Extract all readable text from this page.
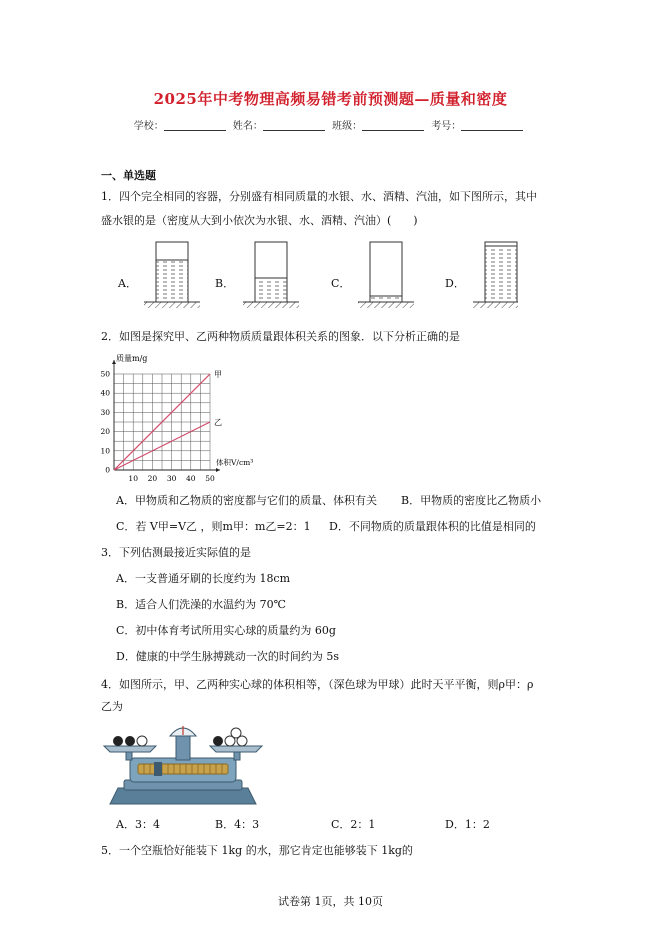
2025年中考物理高频易错考前预测题—质量和密度
学校：	姓名：	班级：	考号：
一、单选题
1．四个完全相同的容器，分别盛有相同质量的水银、水、酒精、汽油，如下图所示，其中
盛水银的是（密度从大到小依次为水银、水、酒精、汽油）(　　)
A．	B．	C．	D．
2．如图是探究甲、乙两种物质质量跟体积关系的图象．以下分析正确的是
10 20 30 40 50
0
10
20
30
40
50	甲
乙
质量m/g
体积V/cm³
A．甲物质和乙物质的密度都与它们的质量、体积有关 B．甲物质的密度比乙物质小
C．若 V甲=V乙 ，则m甲：m乙=2：1 D．不同物质的质量跟体积的比值是相同的
3．下列估测最接近实际值的是
A．一支普通牙刷的长度约为 18cm
B．适合人们洗澡的水温约为 70℃
C．初中体育考试所用实心球的质量约为 60g
D．健康的中学生脉搏跳动一次的时间约为 5s
4．如图所示，甲、乙两种实心球的体积相等，（深色球为甲球）此时天平平衡，则ρ甲：ρ
乙为
A．3：4	B．4：3	C．2：1	D．1：2
5．一个空瓶恰好能装下 1kg 的水，那它肯定也能够装下 1kg的
试卷第 1页，共 10页
